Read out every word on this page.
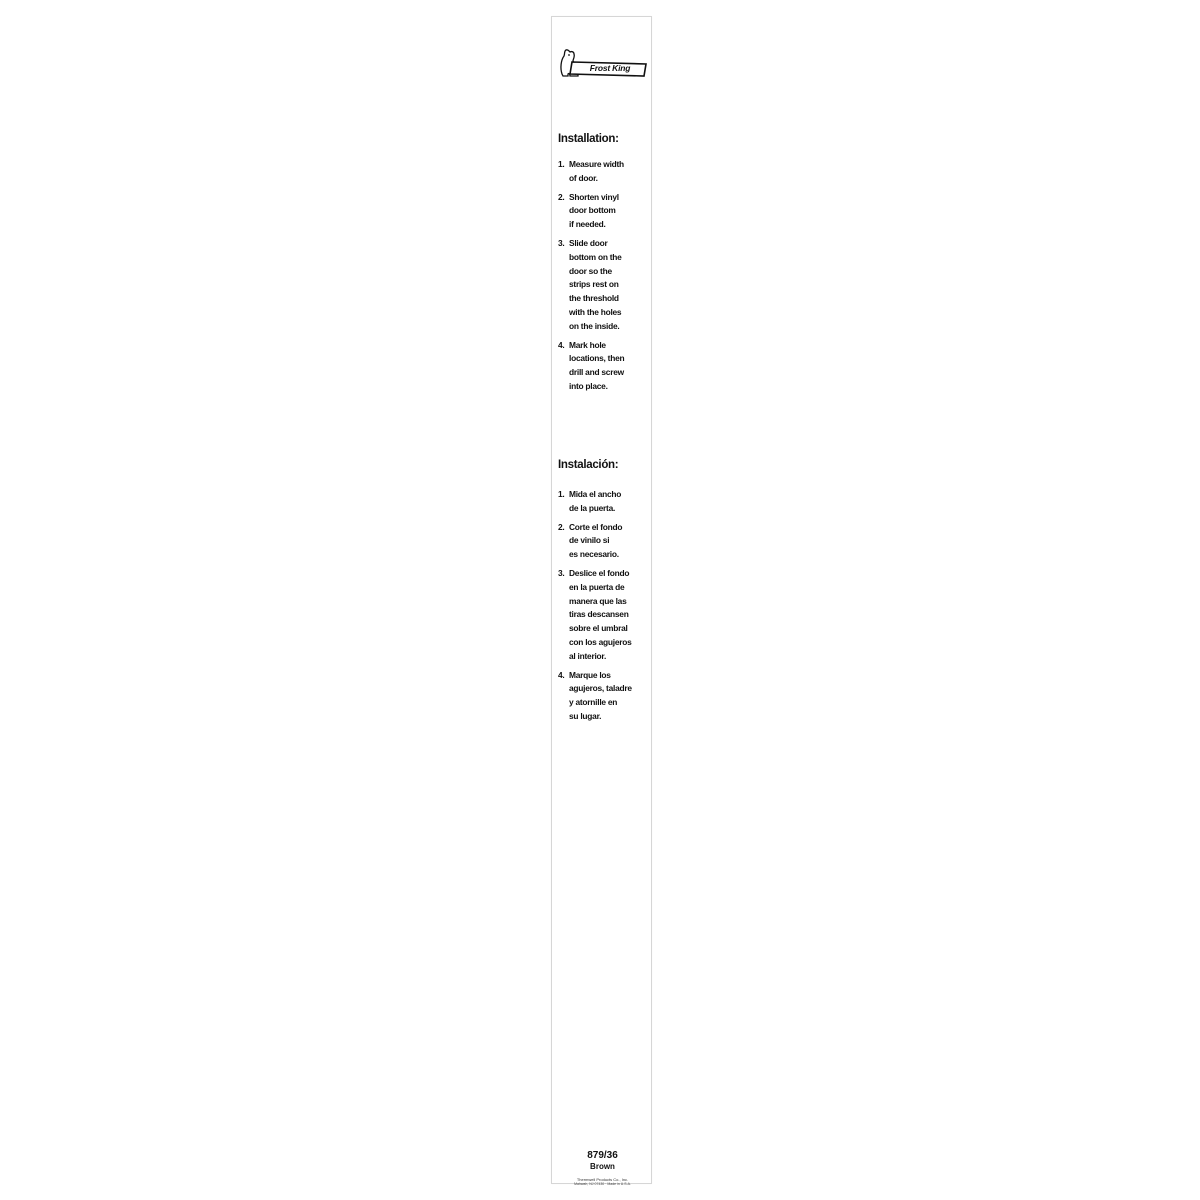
Frost King
Installation:
1. Measure width
of door.
2. Shorten vinyl
door bottom
if needed.
3. Slide door
bottom on the
door so the
strips rest on
the threshold
with the holes
on the inside.
4. Mark hole
locations, then
drill and screw
into place.
Instalación:
1. Mida el ancho
de la puerta.
2. Corte el fondo
de vinilo si
es necesario.
3. Deslice el fondo
en la puerta de
manera que las
tiras descansen
sobre el umbral
con los agujeros
al interior.
4. Marque los
agujeros, taladre
y atornille en
su lugar.
879/36
Brown
Thermwell Products Co., Inc.
Mahwah, NJ 07430 · Made in U.S.A.
